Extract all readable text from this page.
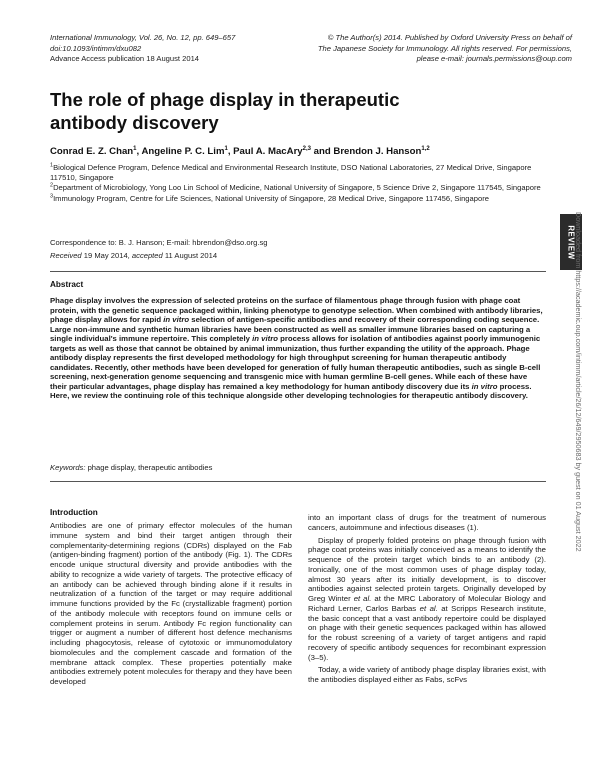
International Immunology, Vol. 26, No. 12, pp. 649–657
doi:10.1093/intimm/dxu082
Advance Access publication 18 August 2014
© The Author(s) 2014. Published by Oxford University Press on behalf of
The Japanese Society for Immunology. All rights reserved. For permissions,
please e-mail: journals.permissions@oup.com
The role of phage display in therapeutic antibody discovery
Conrad E. Z. Chan$^1$, Angeline P. C. Lim$^1$, Paul A. MacAry$^{2,3}$ and Brendon J. Hanson$^{1,2}$

$^1$Biological Defence Program, Defence Medical and Environmental Research Institute, DSO National Laboratories, 27 Medical Drive, Singapore 117510, Singapore

$^2$Department of Microbiology, Yong Loo Lin School of Medicine, National University of Singapore, 5 Science Drive 2, Singapore 117545, Singapore

$^3$Immunology Program, Centre for Life Sciences, National University of Singapore, 28 Medical Drive, Singapore 117456, Singapore

Correspondence to: B. J. Hanson; E-mail: hbrendon@dso.org.sg
Received 19 May 2014, accepted 11 August 2014
Abstract
Phage display involves the expression of selected proteins on the surface of filamentous phage through fusion with phage coat protein, with the genetic sequence packaged within, linking phenotype to genotype selection. When combined with antibody libraries, phage display allows for rapid in vitro selection of antigen-specific antibodies and recovery of their corresponding coding sequence. Large non-immune and synthetic human libraries have been constructed as well as smaller immune libraries based on capturing a single individual's immune repertoire. This completely in vitro process allows for isolation of antibodies against poorly immunogenic targets as well as those that cannot be obtained by animal immunization, thus further expanding the utility of the approach. Phage antibody display represents the first developed methodology for high throughput screening for human therapeutic antibody candidates. Recently, other methods have been developed for generation of fully human therapeutic antibodies, such as single B-cell screening, next-generation genome sequencing and transgenic mice with human germline B-cell genes. While each of these have their particular advantages, phage display has remained a key methodology for human antibody discovery due its in vitro process. Here, we review the continuing role of this technique alongside other developing technologies for therapeutic antibody discovery.
Keywords: phage display, therapeutic antibodies
Introduction

Antibodies are one of primary effector molecules of the human immune system and bind their target antigen through their complementarity-determining regions (CDRs) displayed on the Fab (antigen-binding fragment) portion of the antibody (Fig. 1). The CDRs encode unique structural diversity and provide antibodies with the ability to recognize a wide variety of targets. The protective efficacy of an antibody can be achieved through binding alone if it results in neutralization of a function of the target or may require additional immune functions provided by the Fc (crystallizable fragment) portion of the antibody molecule with receptors found on immune cells or complement proteins in serum. Antibody Fc region functionality can trigger or augment a number of different host defence mechanisms including phagocytosis, release of cytotoxic or immunomodulatory biomolecules and the complement cascade and formation of the membrane attack complex. These properties potentially make antibodies extremely potent molecules for therapy and they have been developed

into an important class of drugs for the treatment of numerous cancers, autoimmune and infectious diseases (1).

Display of properly folded proteins on phage through fusion with phage coat proteins was initially conceived as a means to identify the sequence of the protein target which binds to an antibody (2). Ironically, one of the most common uses of phage display today, almost 30 years after its initially development, is to discover antibodies against selected protein targets. Originally developed by Greg Winter et al. at the MRC Laboratory of Molecular Biology and Richard Lerner, Carlos Barbas et al. at Scripps Research institute, the basic concept that a vast antibody repertoire could be displayed on phage with their genetic sequences packaged within has allowed for the robust screening of a variety of target antigens and rapid recovery of specific antibody sequences for recombinant expression (3–5).

Today, a wide variety of antibody phage display libraries exist, with the antibodies displayed either as Fabs, scFvs

REVIEW
Downloaded from https://academic.oup.com/intimm/article/26/12/649/2950683 by guest on 01 August 2022
